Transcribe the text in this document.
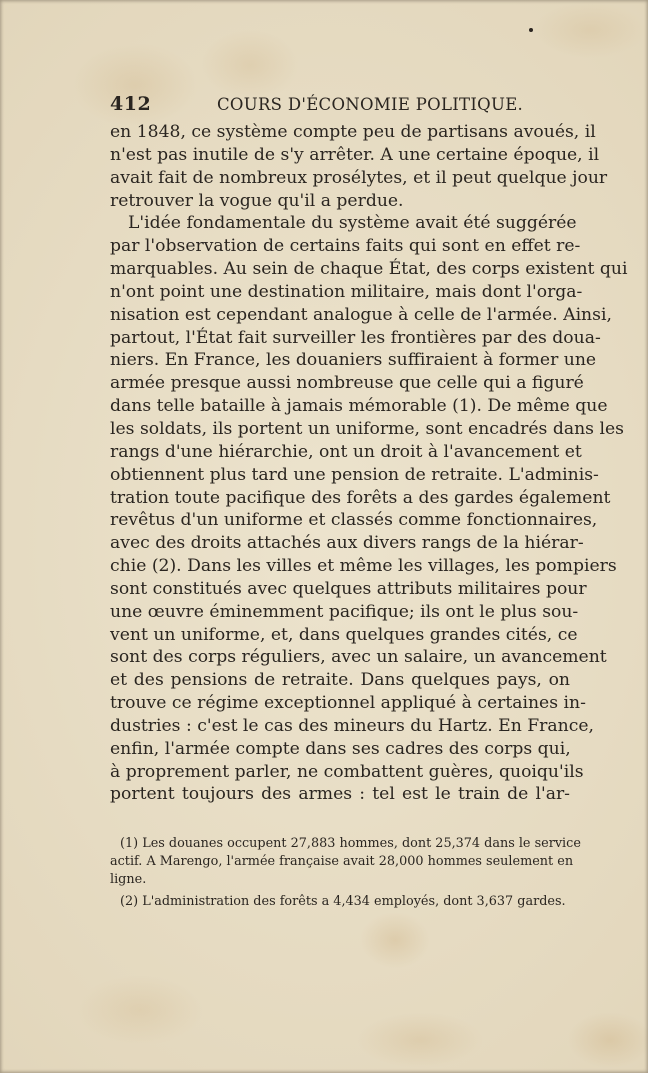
412	COURS D'ÉCONOMIE POLITIQUE.
en 1848, ce système compte peu de partisans avoués, il
n'est pas inutile de s'y arrêter. A une certaine époque, il
avait fait de nombreux prosélytes, et il peut quelque jour
retrouver la vogue qu'il a perdue.
L'idée fondamentale du système avait été suggérée
par l'observation de certains faits qui sont en effet re-
marquables. Au sein de chaque État, des corps existent qui
n'ont point une destination militaire, mais dont l'orga-
nisation est cependant analogue à celle de l'armée. Ainsi,
partout, l'État fait surveiller les frontières par des doua-
niers. En France, les douaniers suffiraient à former une
armée presque aussi nombreuse que celle qui a figuré
dans telle bataille à jamais mémorable (1). De même que
les soldats, ils portent un uniforme, sont encadrés dans les
rangs d'une hiérarchie, ont un droit à l'avancement et
obtiennent plus tard une pension de retraite. L'adminis-
tration toute pacifique des forêts a des gardes également
revêtus d'un uniforme et classés comme fonctionnaires,
avec des droits attachés aux divers rangs de la hiérar-
chie (2). Dans les villes et même les villages, les pompiers
sont constitués avec quelques attributs militaires pour
une œuvre éminemment pacifique; ils ont le plus sou-
vent un uniforme, et, dans quelques grandes cités, ce
sont des corps réguliers, avec un salaire, un avancement
et des pensions de retraite. Dans quelques pays, on
trouve ce régime exceptionnel appliqué à certaines in-
dustries : c'est le cas des mineurs du Hartz. En France,
enfin, l'armée compte dans ses cadres des corps qui,
à proprement parler, ne combattent guères, quoiqu'ils
portent toujours des armes : tel est le train de l'ar-
(1) Les douanes occupent 27,883 hommes, dont 25,374 dans le service
actif. A Marengo, l'armée française avait 28,000 hommes seulement en
ligne.
(2) L'administration des forêts a 4,434 employés, dont 3,637 gardes.
